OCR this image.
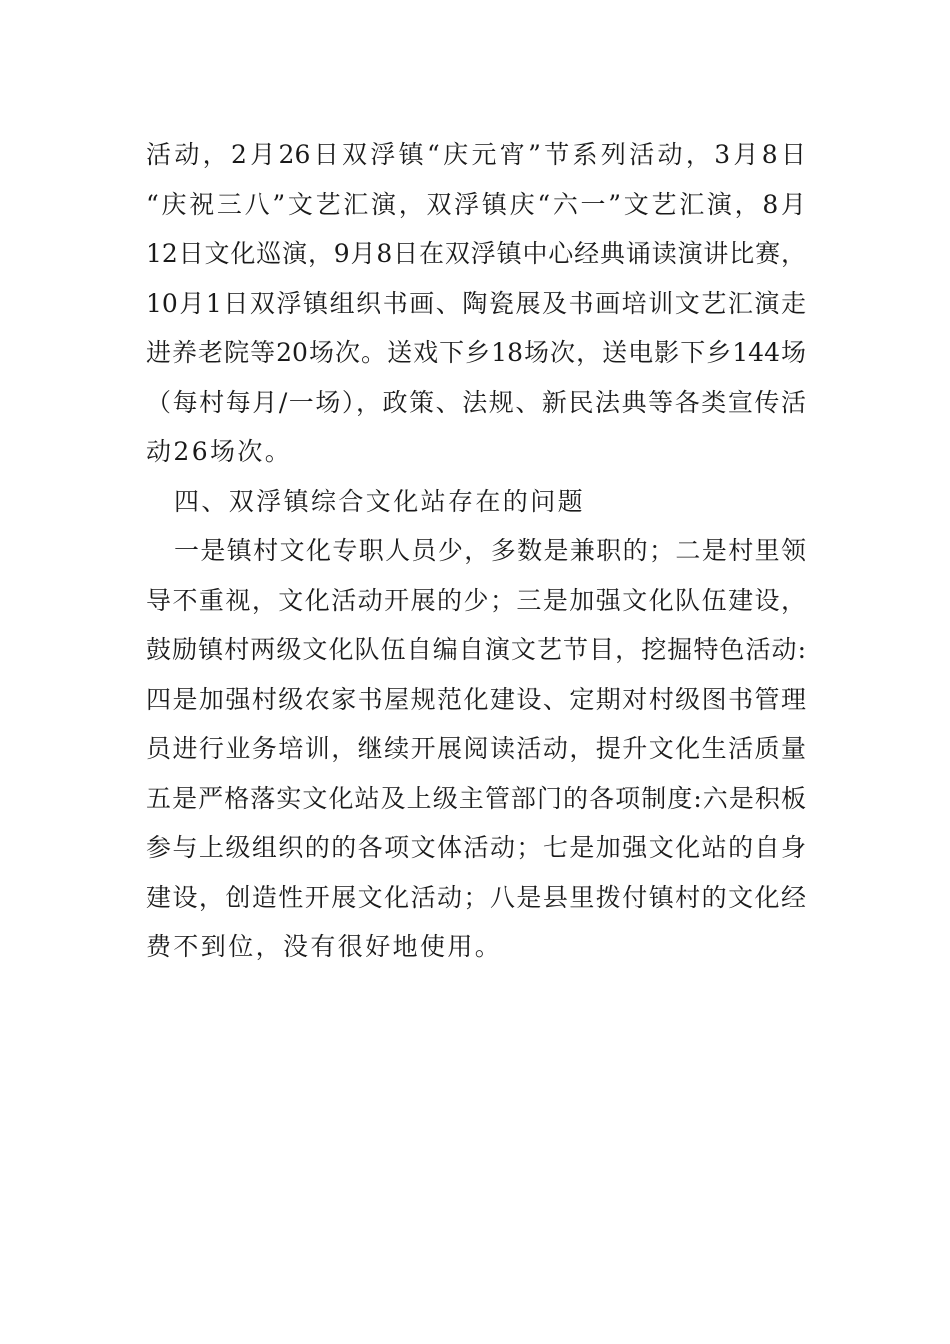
活动，2月26日双浮镇“庆元宵”节系列活动，3月8日
“庆祝三八”文艺汇演，双浮镇庆“六一”文艺汇演，8月
12日文化巡演，9月8日在双浮镇中心经典诵读演讲比赛，
10月1日双浮镇组织书画、陶瓷展及书画培训文艺汇演走
进养老院等20场次。送戏下乡18场次，送电影下乡144场
（每村每月/一场），政策、法规、新民法典等各类宣传活
动26场次。
四、双浮镇综合文化站存在的问题
一是镇村文化专职人员少，多数是兼职的；二是村里领
导不重视，文化活动开展的少；三是加强文化队伍建设，
鼓励镇村两级文化队伍自编自演文艺节目，挖掘特色活动:
四是加强村级农家书屋规范化建设、定期对村级图书管理
员进行业务培训，继续开展阅读活动，提升文化生活质量
五是严格落实文化站及上级主管部门的各项制度:六是积板
参与上级组织的的各项文体活动；七是加强文化站的自身
建设，创造性开展文化活动；八是县里拨付镇村的文化经
费不到位，没有很好地使用。
